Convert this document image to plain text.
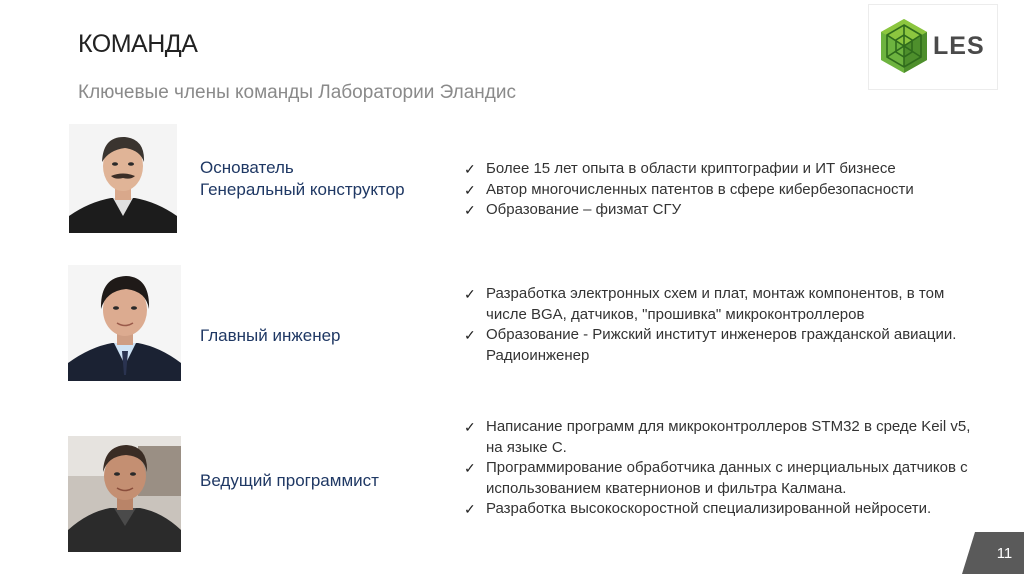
КОМАНДА
Ключевые члены команды Лаборатории Эландис
LES
Основатель
Генеральный конструктор
✓ Более 15 лет опыта в области криптографии и ИТ бизнесе
✓ Автор многочисленных патентов в сфере кибербезопасности
✓ Образование – физмат СГУ
Главный инженер
✓ Разработка электронных схем и плат, монтаж компонентов, в том числе BGA, датчиков, "прошивка" микроконтроллеров
✓ Образование - Рижский институт инженеров гражданской авиации. Радиоинженер
Ведущий программист
✓ Написание программ для микроконтроллеров STM32 в среде Keil v5, на языке C.
✓ Программирование обработчика данных с инерциальных датчиков с использованием кватернионов и фильтра Калмана.
✓ Разработка высокоскоростной специализированной нейросети.
11
